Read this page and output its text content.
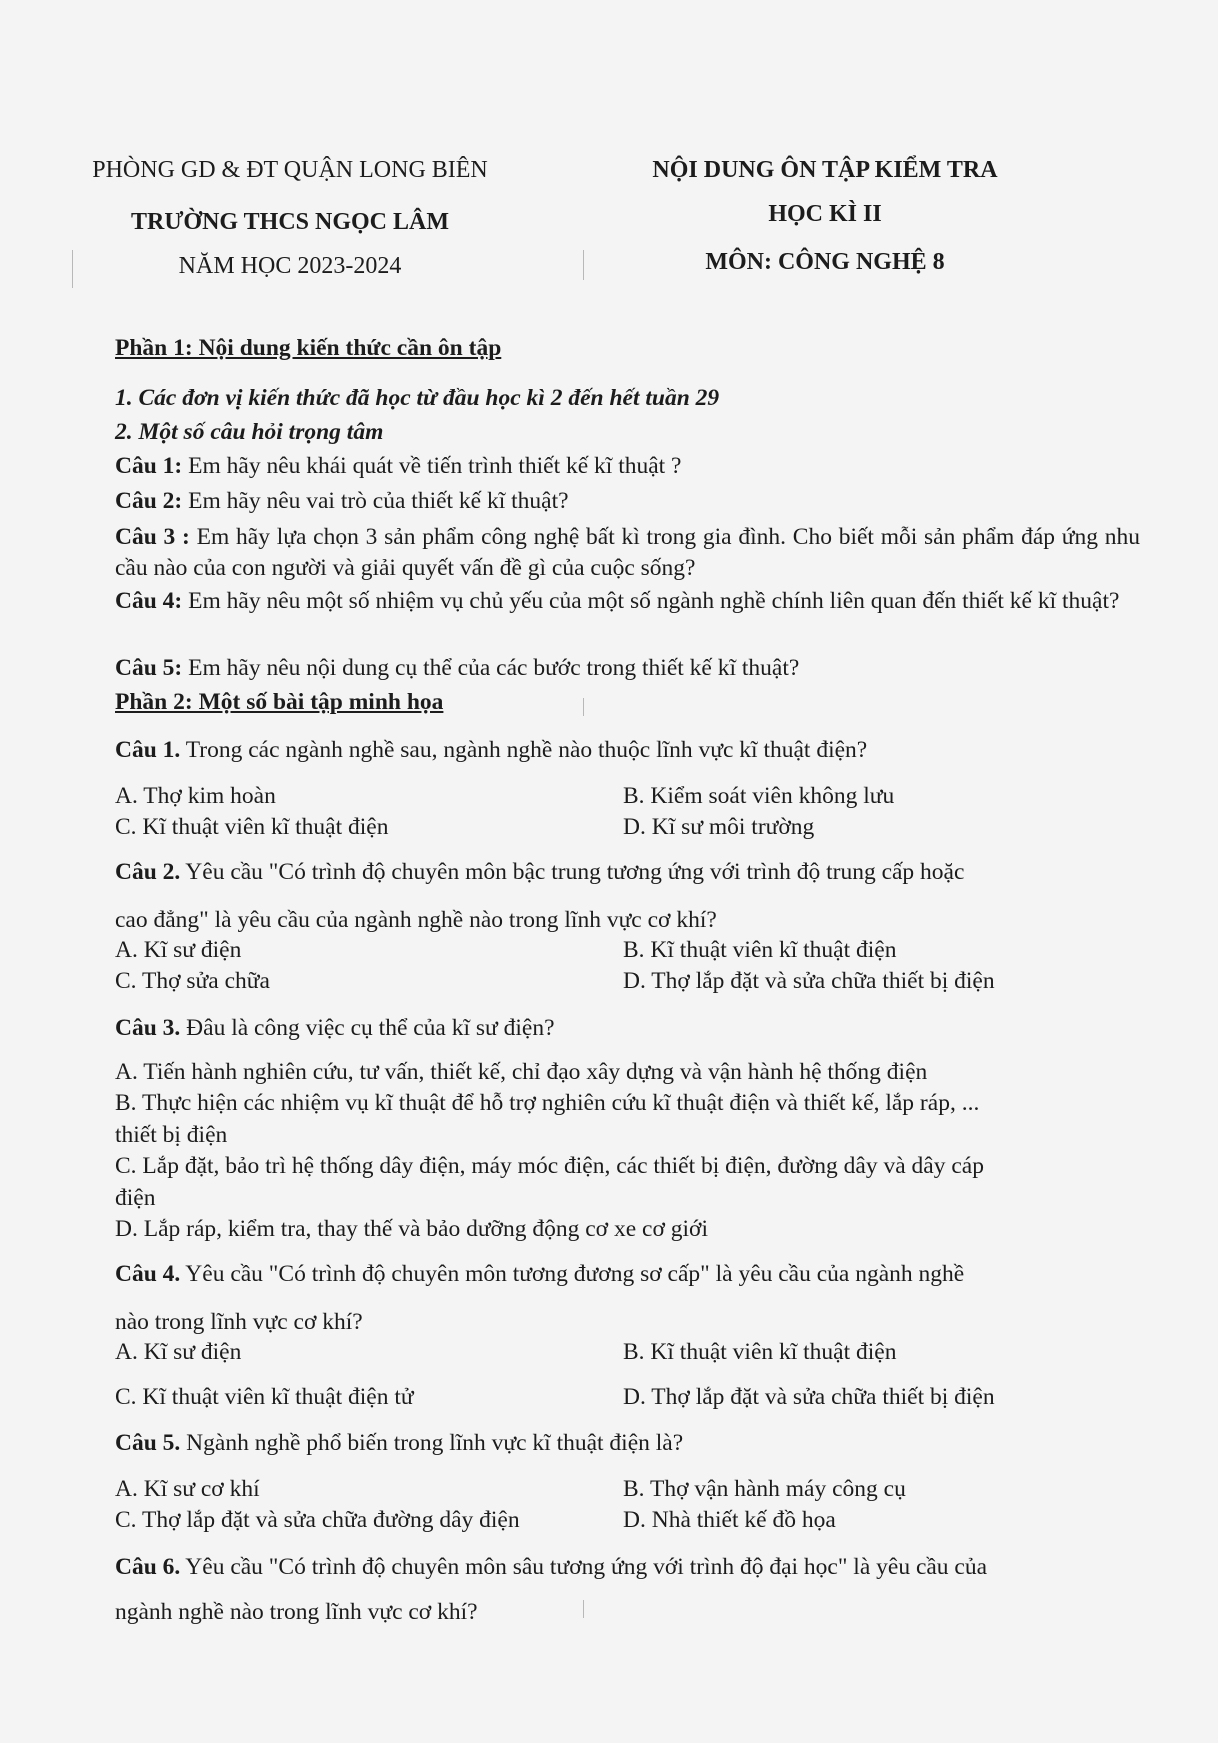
PHÒNG GD & ĐT QUẬN LONG BIÊN
TRƯỜNG THCS NGỌC LÂM
NĂM HỌC 2023-2024
NỘI DUNG ÔN TẬP KIỂM TRA
HỌC KÌ II
MÔN: CÔNG NGHỆ 8
Phần 1: Nội dung kiến thức cần ôn tập
1. Các đơn vị kiến thức đã học từ đầu học kì 2 đến hết tuần 29
2. Một số câu hỏi trọng tâm
Câu 1: Em hãy nêu khái quát về tiến trình thiết kế kĩ thuật ?
Câu 2: Em hãy nêu vai trò của thiết kế kĩ thuật?
Câu 3 : Em hãy lựa chọn 3 sản phẩm công nghệ bất kì trong gia đình. Cho biết mỗi sản phẩm đáp ứng nhu cầu nào của con người và giải quyết vấn đề gì của cuộc sống?
Câu 4: Em hãy nêu một số nhiệm vụ chủ yếu của một số ngành nghề chính liên quan đến thiết kế kĩ thuật?
Câu 5: Em hãy nêu nội dung cụ thể của các bước trong thiết kế kĩ thuật?
Phần 2: Một số bài tập minh họa
Câu 1. Trong các ngành nghề sau, ngành nghề nào thuộc lĩnh vực kĩ thuật điện?
A. Thợ kim hoàn	B. Kiểm soát viên không lưu
C. Kĩ thuật viên kĩ thuật điện	D. Kĩ sư môi trường
Câu 2. Yêu cầu "Có trình độ chuyên môn bậc trung tương ứng với trình độ trung cấp hoặc
cao đẳng" là yêu cầu của ngành nghề nào trong lĩnh vực cơ khí?
A. Kĩ sư điện	B. Kĩ thuật viên kĩ thuật điện
C. Thợ sửa chữa	D. Thợ lắp đặt và sửa chữa thiết bị điện
Câu 3. Đâu là công việc cụ thể của kĩ sư điện?
A. Tiến hành nghiên cứu, tư vấn, thiết kế, chỉ đạo xây dựng và vận hành hệ thống điện
B. Thực hiện các nhiệm vụ kĩ thuật để hỗ trợ nghiên cứu kĩ thuật điện và thiết kế, lắp ráp, ...
thiết bị điện
C. Lắp đặt, bảo trì hệ thống dây điện, máy móc điện, các thiết bị điện, đường dây và dây cáp
điện
D. Lắp ráp, kiểm tra, thay thế và bảo dưỡng động cơ xe cơ giới
Câu 4. Yêu cầu "Có trình độ chuyên môn tương đương sơ cấp" là yêu cầu của ngành nghề
nào trong lĩnh vực cơ khí?
A. Kĩ sư điện	B. Kĩ thuật viên kĩ thuật điện
C. Kĩ thuật viên kĩ thuật điện tử	D. Thợ lắp đặt và sửa chữa thiết bị điện
Câu 5. Ngành nghề phổ biến trong lĩnh vực kĩ thuật điện là?
A. Kĩ sư cơ khí	B. Thợ vận hành máy công cụ
C. Thợ lắp đặt và sửa chữa đường dây điện	D. Nhà thiết kế đồ họa
Câu 6. Yêu cầu "Có trình độ chuyên môn sâu tương ứng với trình độ đại học" là yêu cầu của
ngành nghề nào trong lĩnh vực cơ khí?
